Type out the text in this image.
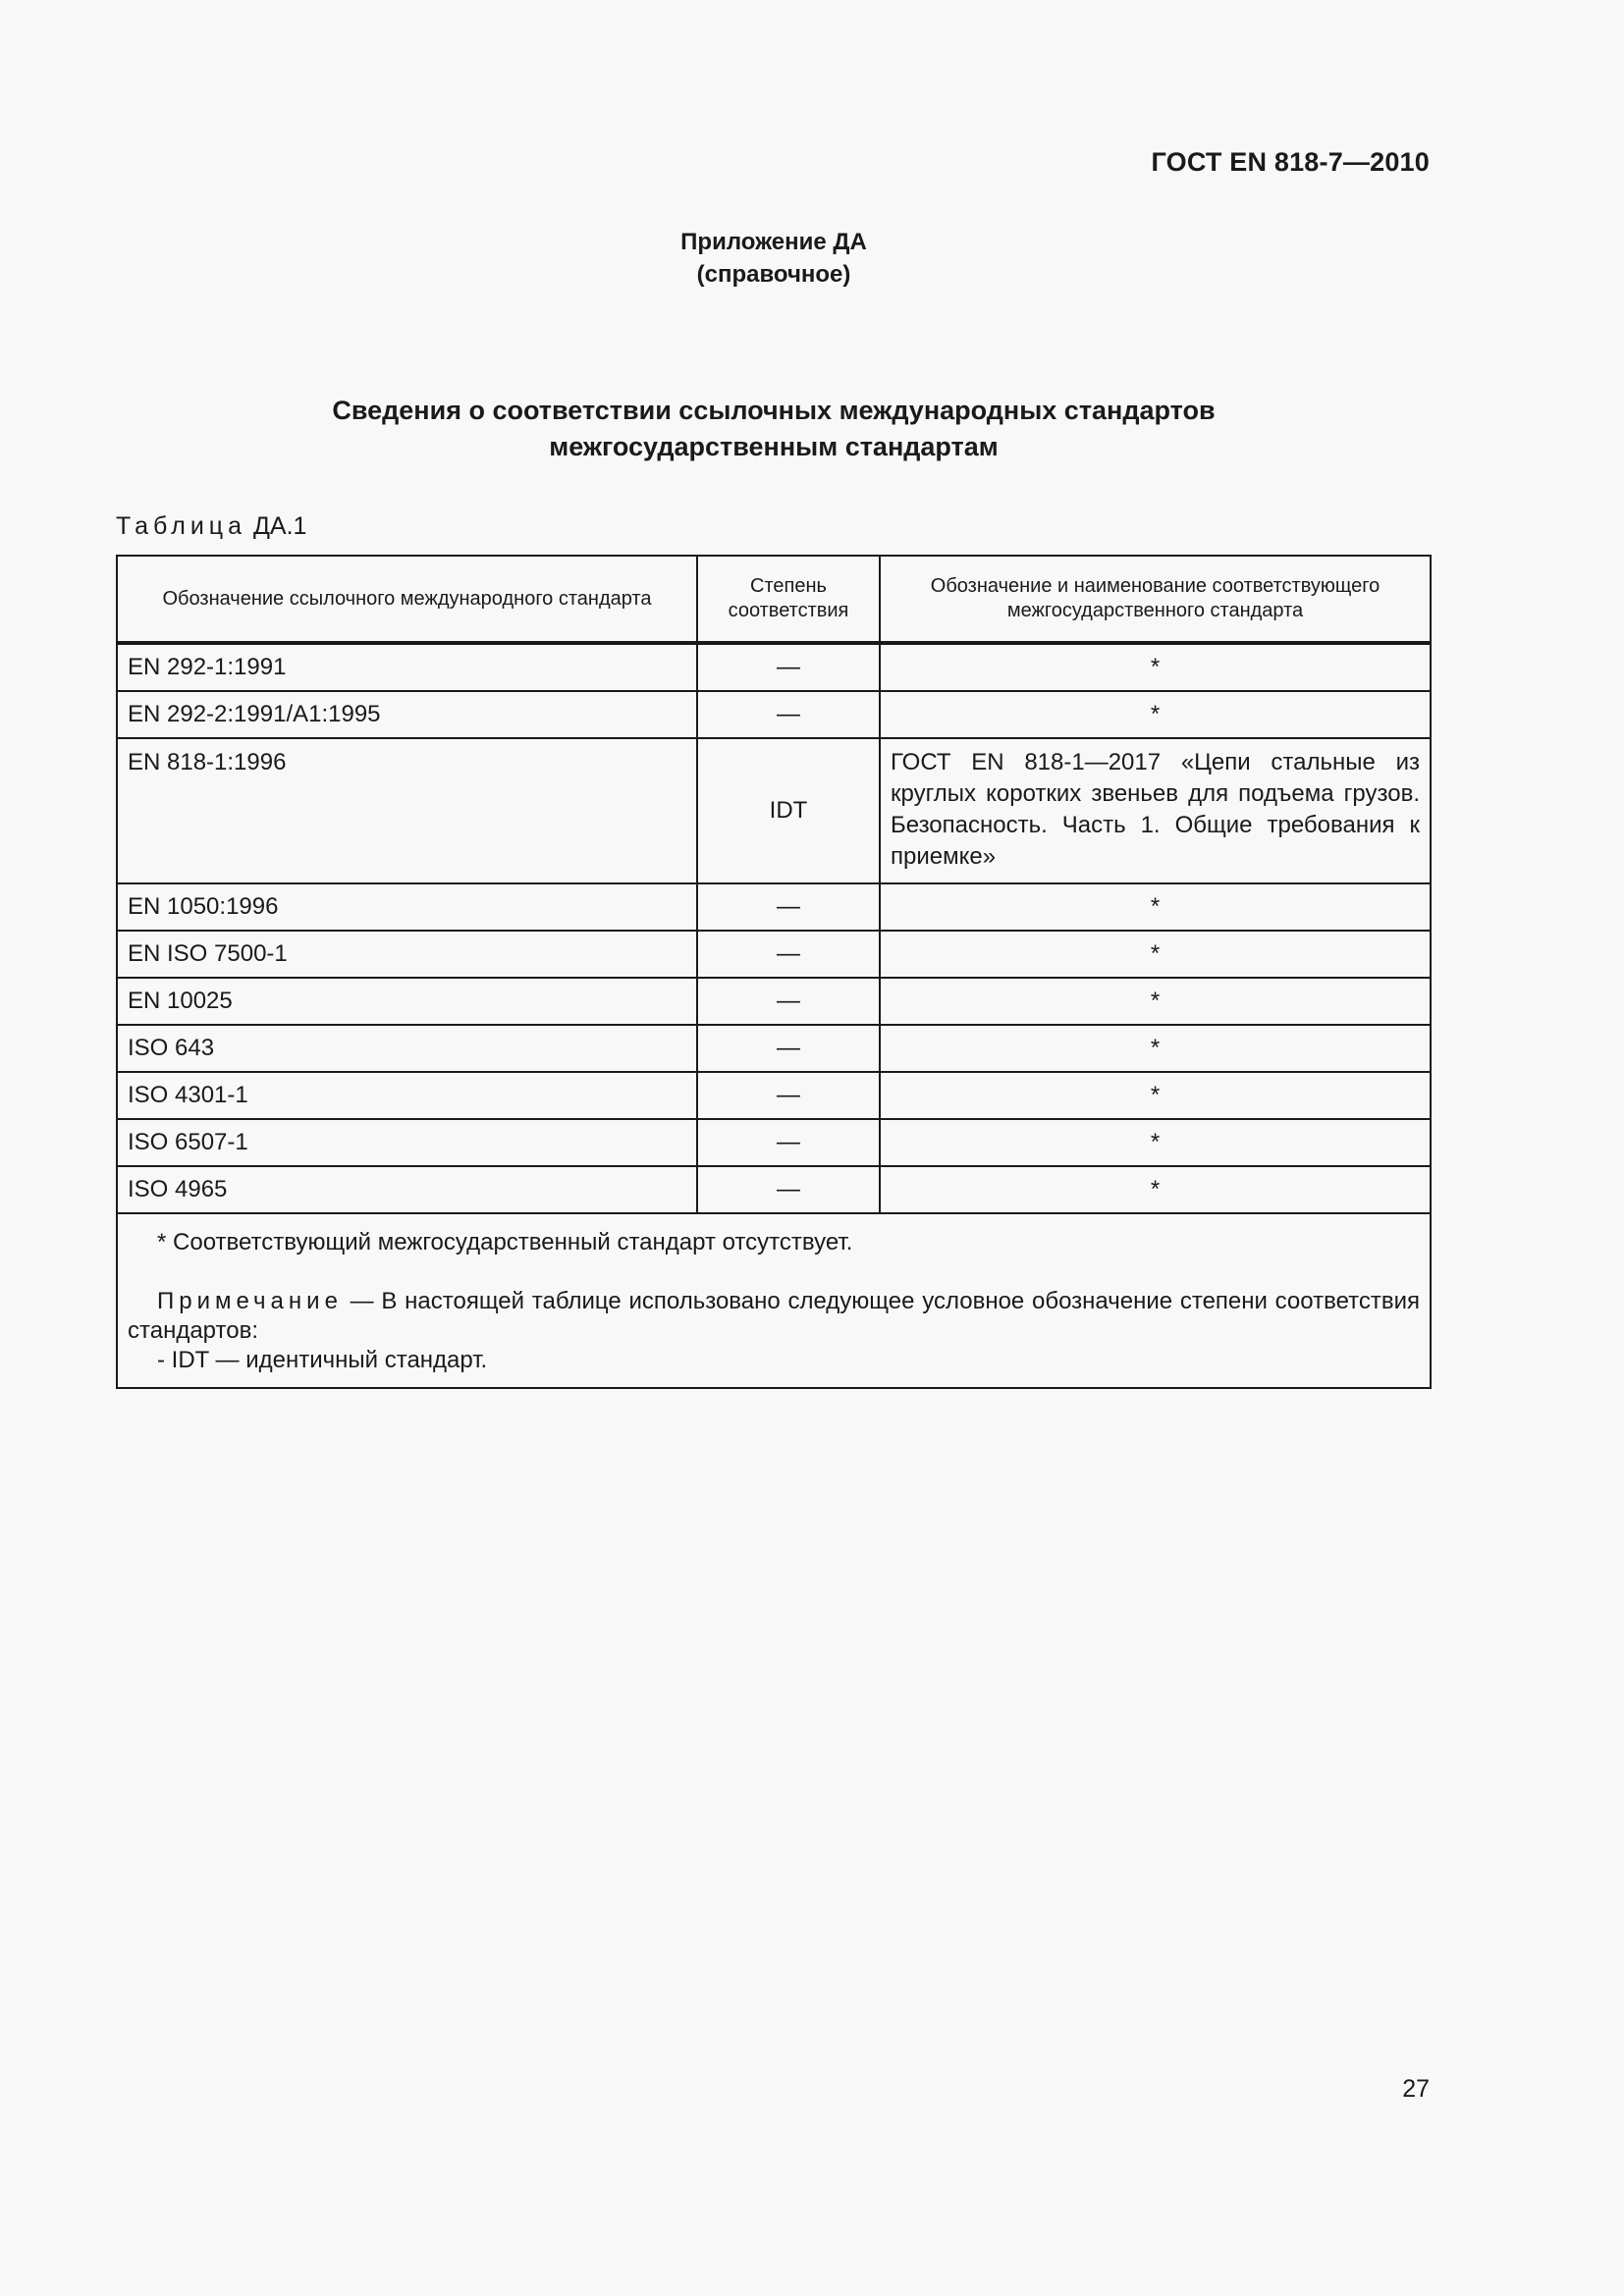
ГОСТ EN 818-7—2010
Приложение ДА
(справочное)
Сведения о соответствии ссылочных международных стандартов
межгосударственным стандартам
Таблица ДА.1
Обозначение ссылочного международного стандарта	Степень соответствия	Обозначение и наименование соответствующего межгосударственного стандарта
EN 292-1:1991	—	*
EN 292-2:1991/A1:1995	—	*
EN 818-1:1996	IDT	ГОСТ EN 818-1—2017 «Цепи стальные из круглых коротких звеньев для подъема грузов. Безопасность. Часть 1. Общие требования к приемке»
EN 1050:1996	—	*
EN ISO 7500-1	—	*
EN 10025	—	*
ISO 643	—	*
ISO 4301-1	—	*
ISO 6507-1	—	*
ISO 4965	—	*

* Соответствующий межгосударственный стандарт отсутствует.
Примечание — В настоящей таблице использовано следующее условное обозначение степени соответствия стандартов:
- IDT — идентичный стандарт.		
27
